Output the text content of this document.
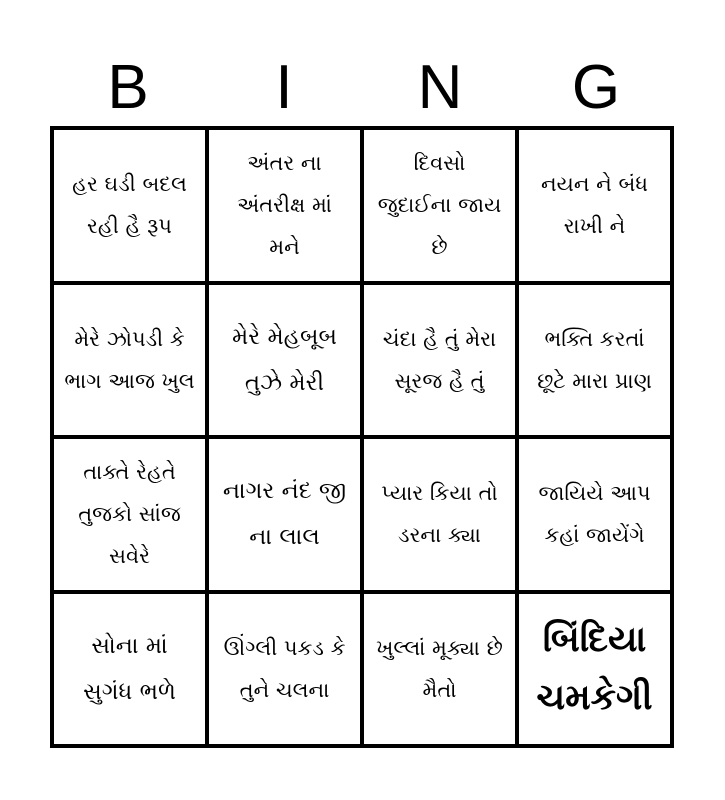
B	I	N	G
હર ઘડી બદલ રહી હૈ રૂપ
અંતર ના અંતરીક્ષ માં મને
દિવસો જુદાઈના જાય છે
નયન ને બંધ રાખી ને
મેરે ઝોપડી કે ભાગ આજ ખુલ
મેરે મેહબૂબ તુઝે મેરી
ચંદા હૈ તું મેરા સૂરજ હૈ તું
ભક્તિ કરતાં છૂટે મારા પ્રાણ
તાક્તે રેહતે તુજકો સાંજ સવેરે
નાગર નંદ જી ના લાલ
પ્યાર કિયા તો ડરના ક્યા
જાયિયે આપ કહાં જાયેંગે
સોના માં સુગંધ ભળે
ઊંગ્લી પકડ કે તુને ચલના
ખુલ્લાં મૂક્યા છે મૈતો
બિંદિયા ચમકેગી
